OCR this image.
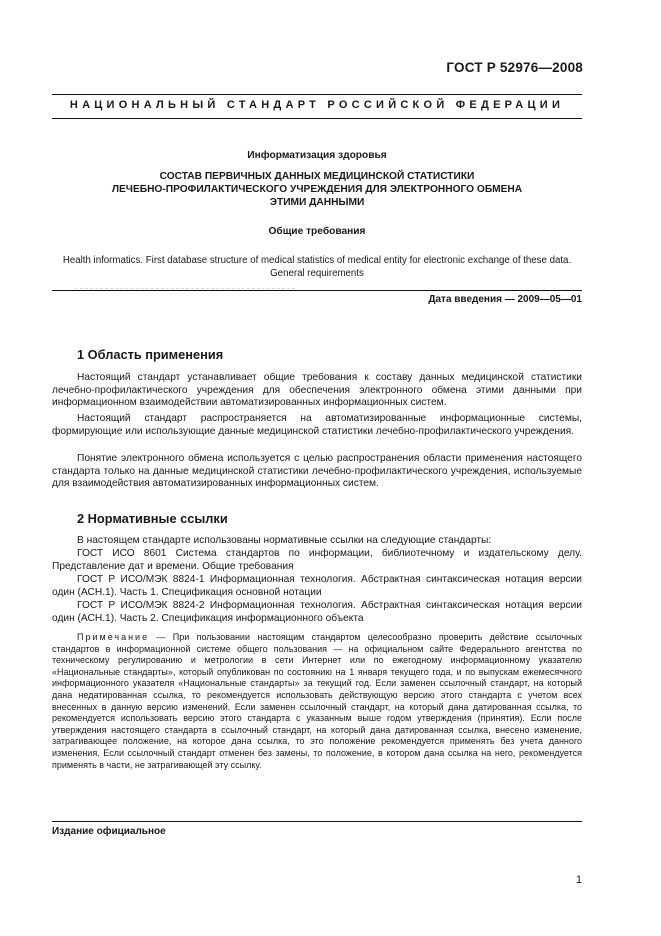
ГОСТ Р 52976—2008
НАЦИОНАЛЬНЫЙ СТАНДАРТ РОССИЙСКОЙ ФЕДЕРАЦИИ
Информатизация здоровья
СОСТАВ ПЕРВИЧНЫХ ДАННЫХ МЕДИЦИНСКОЙ СТАТИСТИКИ
ЛЕЧЕБНО-ПРОФИЛАКТИЧЕСКОГО УЧРЕЖДЕНИЯ ДЛЯ ЭЛЕКТРОННОГО ОБМЕНА
ЭТИМИ ДАННЫМИ
Общие требования
Health informatics. First database structure of medical statistics of medical entity for electronic exchange of these data.
General requirements
Дата введения — 2009—05—01
1 Область применения
Настоящий стандарт устанавливает общие требования к составу данных медицинской статистики лечебно-профилактического учреждения для обеспечения электронного обмена этими данными при информационном взаимодействии автоматизированных информационных систем.
Настоящий стандарт распространяется на автоматизированные информационные системы, формирующие или использующие данные медицинской статистики лечебно-профилактического учреждения.
Понятие электронного обмена используется с целью распространения области применения настоящего стандарта только на данные медицинской статистики лечебно-профилактического учреждения, используемые для взаимодействия автоматизированных информационных систем.
2 Нормативные ссылки
В настоящем стандарте использованы нормативные ссылки на следующие стандарты:
ГОСТ ИСО 8601 Система стандартов по информации, библиотечному и издательскому делу. Представление дат и времени. Общие требования
ГОСТ Р ИСО/МЭК 8824-1 Информационная технология. Абстрактная синтаксическая нотация версии один (АСН.1). Часть 1. Спецификация основной нотации
ГОСТ Р ИСО/МЭК 8824-2 Информационная технология. Абстрактная синтаксическая нотация версии один (АСН.1). Часть 2. Спецификация информационного объекта
Примечание — При пользовании настоящим стандартом целесообразно проверить действие ссылочных стандартов в информационной системе общего пользования — на официальном сайте Федерального агентства по техническому регулированию и метрологии в сети Интернет или по ежегодному информационному указателю «Национальные стандарты», который опубликован по состоянию на 1 января текущего года, и по выпускам ежемесячного информационного указателя «Национальные стандарты» за текущий год. Если заменен ссылочный стандарт, на который дана недатированная ссылка, то рекомендуется использовать действующую версию этого стандарта с учетом всех внесенных в данную версию изменений. Если заменен ссылочный стандарт, на который дана датированная ссылка, то рекомендуется использовать версию этого стандарта с указанным выше годом утверждения (принятия). Если после утверждения настоящего стандарта в ссылочный стандарт, на который дана датированная ссылка, внесено изменение, затрагивающее положение, на которое дана ссылка, то это положение рекомендуется применять без учета данного изменения. Если ссылочный стандарт отменен без замены, то положение, в котором дана ссылка на него, рекомендуется применять в части, не затрагивающей эту ссылку.
Издание официальное
1
